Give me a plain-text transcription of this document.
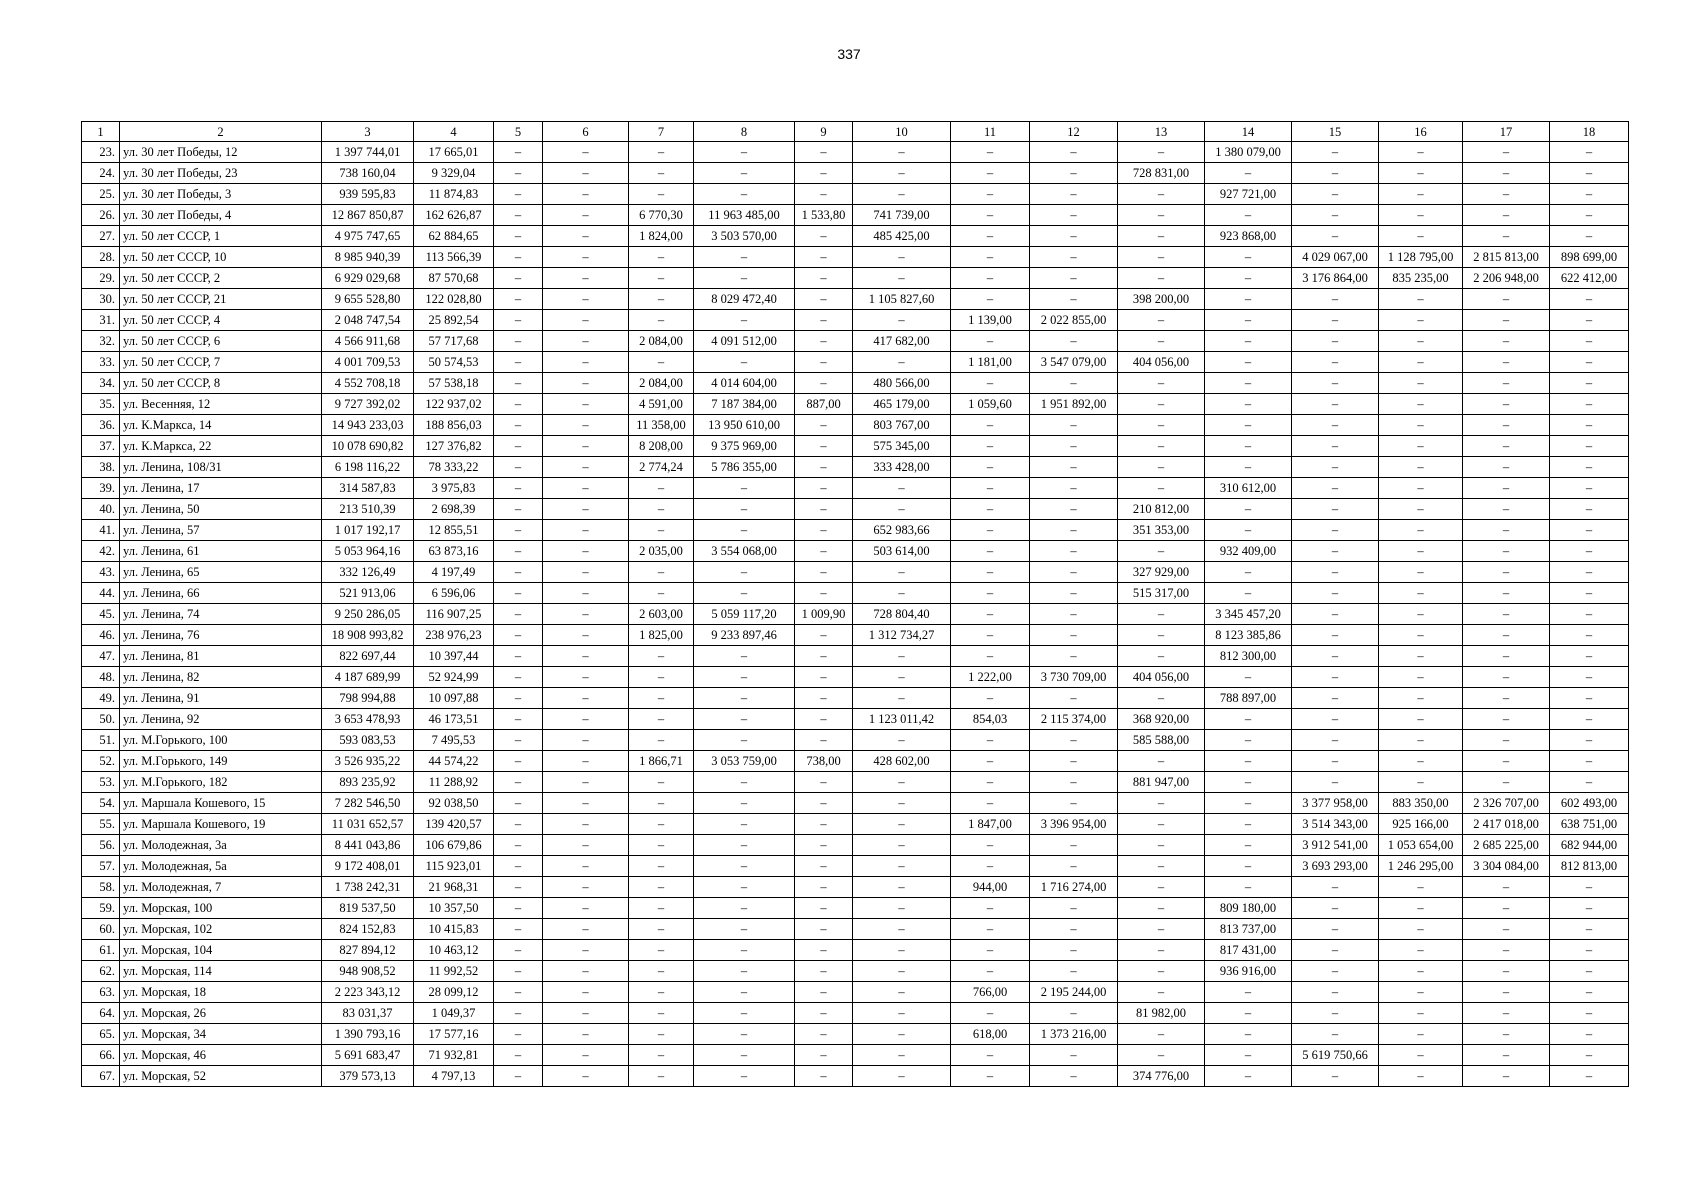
337
1	2	3	4	5	6	7	8	9	10	11	12	13	14	15	16	17	18
23.	ул. 30 лет Победы, 12	1 397 744,01	17 665,01	–	–	–	–	–	–	–	–	–	1 380 079,00	–	–	–	–
24.	ул. 30 лет Победы, 23	738 160,04	9 329,04	–	–	–	–	–	–	–	–	728 831,00	–	–	–	–	–
25.	ул. 30 лет Победы, 3	939 595,83	11 874,83	–	–	–	–	–	–	–	–	–	927 721,00	–	–	–	–
26.	ул. 30 лет Победы, 4	12 867 850,87	162 626,87	–	–	6 770,30	11 963 485,00	1 533,80	741 739,00	–	–	–	–	–	–	–	–
27.	ул. 50 лет СССР, 1	4 975 747,65	62 884,65	–	–	1 824,00	3 503 570,00	–	485 425,00	–	–	–	923 868,00	–	–	–	–
28.	ул. 50 лет СССР, 10	8 985 940,39	113 566,39	–	–	–	–	–	–	–	–	–	–	4 029 067,00	1 128 795,00	2 815 813,00	898 699,00
29.	ул. 50 лет СССР, 2	6 929 029,68	87 570,68	–	–	–	–	–	–	–	–	–	–	3 176 864,00	835 235,00	2 206 948,00	622 412,00
30.	ул. 50 лет СССР, 21	9 655 528,80	122 028,80	–	–	–	8 029 472,40	–	1 105 827,60	–	–	398 200,00	–	–	–	–	–
31.	ул. 50 лет СССР, 4	2 048 747,54	25 892,54	–	–	–	–	–	–	1 139,00	2 022 855,00	–	–	–	–	–	–
32.	ул. 50 лет СССР, 6	4 566 911,68	57 717,68	–	–	2 084,00	4 091 512,00	–	417 682,00	–	–	–	–	–	–	–	–
33.	ул. 50 лет СССР, 7	4 001 709,53	50 574,53	–	–	–	–	–	–	1 181,00	3 547 079,00	404 056,00	–	–	–	–	–
34.	ул. 50 лет СССР, 8	4 552 708,18	57 538,18	–	–	2 084,00	4 014 604,00	–	480 566,00	–	–	–	–	–	–	–	–
35.	ул. Весенняя, 12	9 727 392,02	122 937,02	–	–	4 591,00	7 187 384,00	887,00	465 179,00	1 059,60	1 951 892,00	–	–	–	–	–	–
36.	ул. К.Маркса, 14	14 943 233,03	188 856,03	–	–	11 358,00	13 950 610,00	–	803 767,00	–	–	–	–	–	–	–	–
37.	ул. К.Маркса, 22	10 078 690,82	127 376,82	–	–	8 208,00	9 375 969,00	–	575 345,00	–	–	–	–	–	–	–	–
38.	ул. Ленина, 108/31	6 198 116,22	78 333,22	–	–	2 774,24	5 786 355,00	–	333 428,00	–	–	–	–	–	–	–	–
39.	ул. Ленина, 17	314 587,83	3 975,83	–	–	–	–	–	–	–	–	–	310 612,00	–	–	–	–
40.	ул. Ленина, 50	213 510,39	2 698,39	–	–	–	–	–	–	–	–	210 812,00	–	–	–	–	–
41.	ул. Ленина, 57	1 017 192,17	12 855,51	–	–	–	–	–	652 983,66	–	–	351 353,00	–	–	–	–	–
42.	ул. Ленина, 61	5 053 964,16	63 873,16	–	–	2 035,00	3 554 068,00	–	503 614,00	–	–	–	932 409,00	–	–	–	–
43.	ул. Ленина, 65	332 126,49	4 197,49	–	–	–	–	–	–	–	–	327 929,00	–	–	–	–	–
44.	ул. Ленина, 66	521 913,06	6 596,06	–	–	–	–	–	–	–	–	515 317,00	–	–	–	–	–
45.	ул. Ленина, 74	9 250 286,05	116 907,25	–	–	2 603,00	5 059 117,20	1 009,90	728 804,40	–	–	–	3 345 457,20	–	–	–	–
46.	ул. Ленина, 76	18 908 993,82	238 976,23	–	–	1 825,00	9 233 897,46	–	1 312 734,27	–	–	–	8 123 385,86	–	–	–	–
47.	ул. Ленина, 81	822 697,44	10 397,44	–	–	–	–	–	–	–	–	–	812 300,00	–	–	–	–
48.	ул. Ленина, 82	4 187 689,99	52 924,99	–	–	–	–	–	–	1 222,00	3 730 709,00	404 056,00	–	–	–	–	–
49.	ул. Ленина, 91	798 994,88	10 097,88	–	–	–	–	–	–	–	–	–	788 897,00	–	–	–	–
50.	ул. Ленина, 92	3 653 478,93	46 173,51	–	–	–	–	–	1 123 011,42	854,03	2 115 374,00	368 920,00	–	–	–	–	–
51.	ул. М.Горького, 100	593 083,53	7 495,53	–	–	–	–	–	–	–	–	585 588,00	–	–	–	–	–
52.	ул. М.Горького, 149	3 526 935,22	44 574,22	–	–	1 866,71	3 053 759,00	738,00	428 602,00	–	–	–	–	–	–	–	–
53.	ул. М.Горького, 182	893 235,92	11 288,92	–	–	–	–	–	–	–	–	881 947,00	–	–	–	–	–
54.	ул. Маршала Кошевого, 15	7 282 546,50	92 038,50	–	–	–	–	–	–	–	–	–	–	3 377 958,00	883 350,00	2 326 707,00	602 493,00
55.	ул. Маршала Кошевого, 19	11 031 652,57	139 420,57	–	–	–	–	–	–	1 847,00	3 396 954,00	–	–	3 514 343,00	925 166,00	2 417 018,00	638 751,00
56.	ул. Молодежная, 3а	8 441 043,86	106 679,86	–	–	–	–	–	–	–	–	–	–	3 912 541,00	1 053 654,00	2 685 225,00	682 944,00
57.	ул. Молодежная, 5а	9 172 408,01	115 923,01	–	–	–	–	–	–	–	–	–	–	3 693 293,00	1 246 295,00	3 304 084,00	812 813,00
58.	ул. Молодежная, 7	1 738 242,31	21 968,31	–	–	–	–	–	–	944,00	1 716 274,00	–	–	–	–	–	–
59.	ул. Морская, 100	819 537,50	10 357,50	–	–	–	–	–	–	–	–	–	809 180,00	–	–	–	–
60.	ул. Морская, 102	824 152,83	10 415,83	–	–	–	–	–	–	–	–	–	813 737,00	–	–	–	–
61.	ул. Морская, 104	827 894,12	10 463,12	–	–	–	–	–	–	–	–	–	817 431,00	–	–	–	–
62.	ул. Морская, 114	948 908,52	11 992,52	–	–	–	–	–	–	–	–	–	936 916,00	–	–	–	–
63.	ул. Морская, 18	2 223 343,12	28 099,12	–	–	–	–	–	–	766,00	2 195 244,00	–	–	–	–	–	–
64.	ул. Морская, 26	83 031,37	1 049,37	–	–	–	–	–	–	–	–	81 982,00	–	–	–	–	–
65.	ул. Морская, 34	1 390 793,16	17 577,16	–	–	–	–	–	–	618,00	1 373 216,00	–	–	–	–	–	–
66.	ул. Морская, 46	5 691 683,47	71 932,81	–	–	–	–	–	–	–	–	–	–	5 619 750,66	–	–	–
67.	ул. Морская, 52	379 573,13	4 797,13	–	–	–	–	–	–	–	–	374 776,00	–	–	–	–	–
